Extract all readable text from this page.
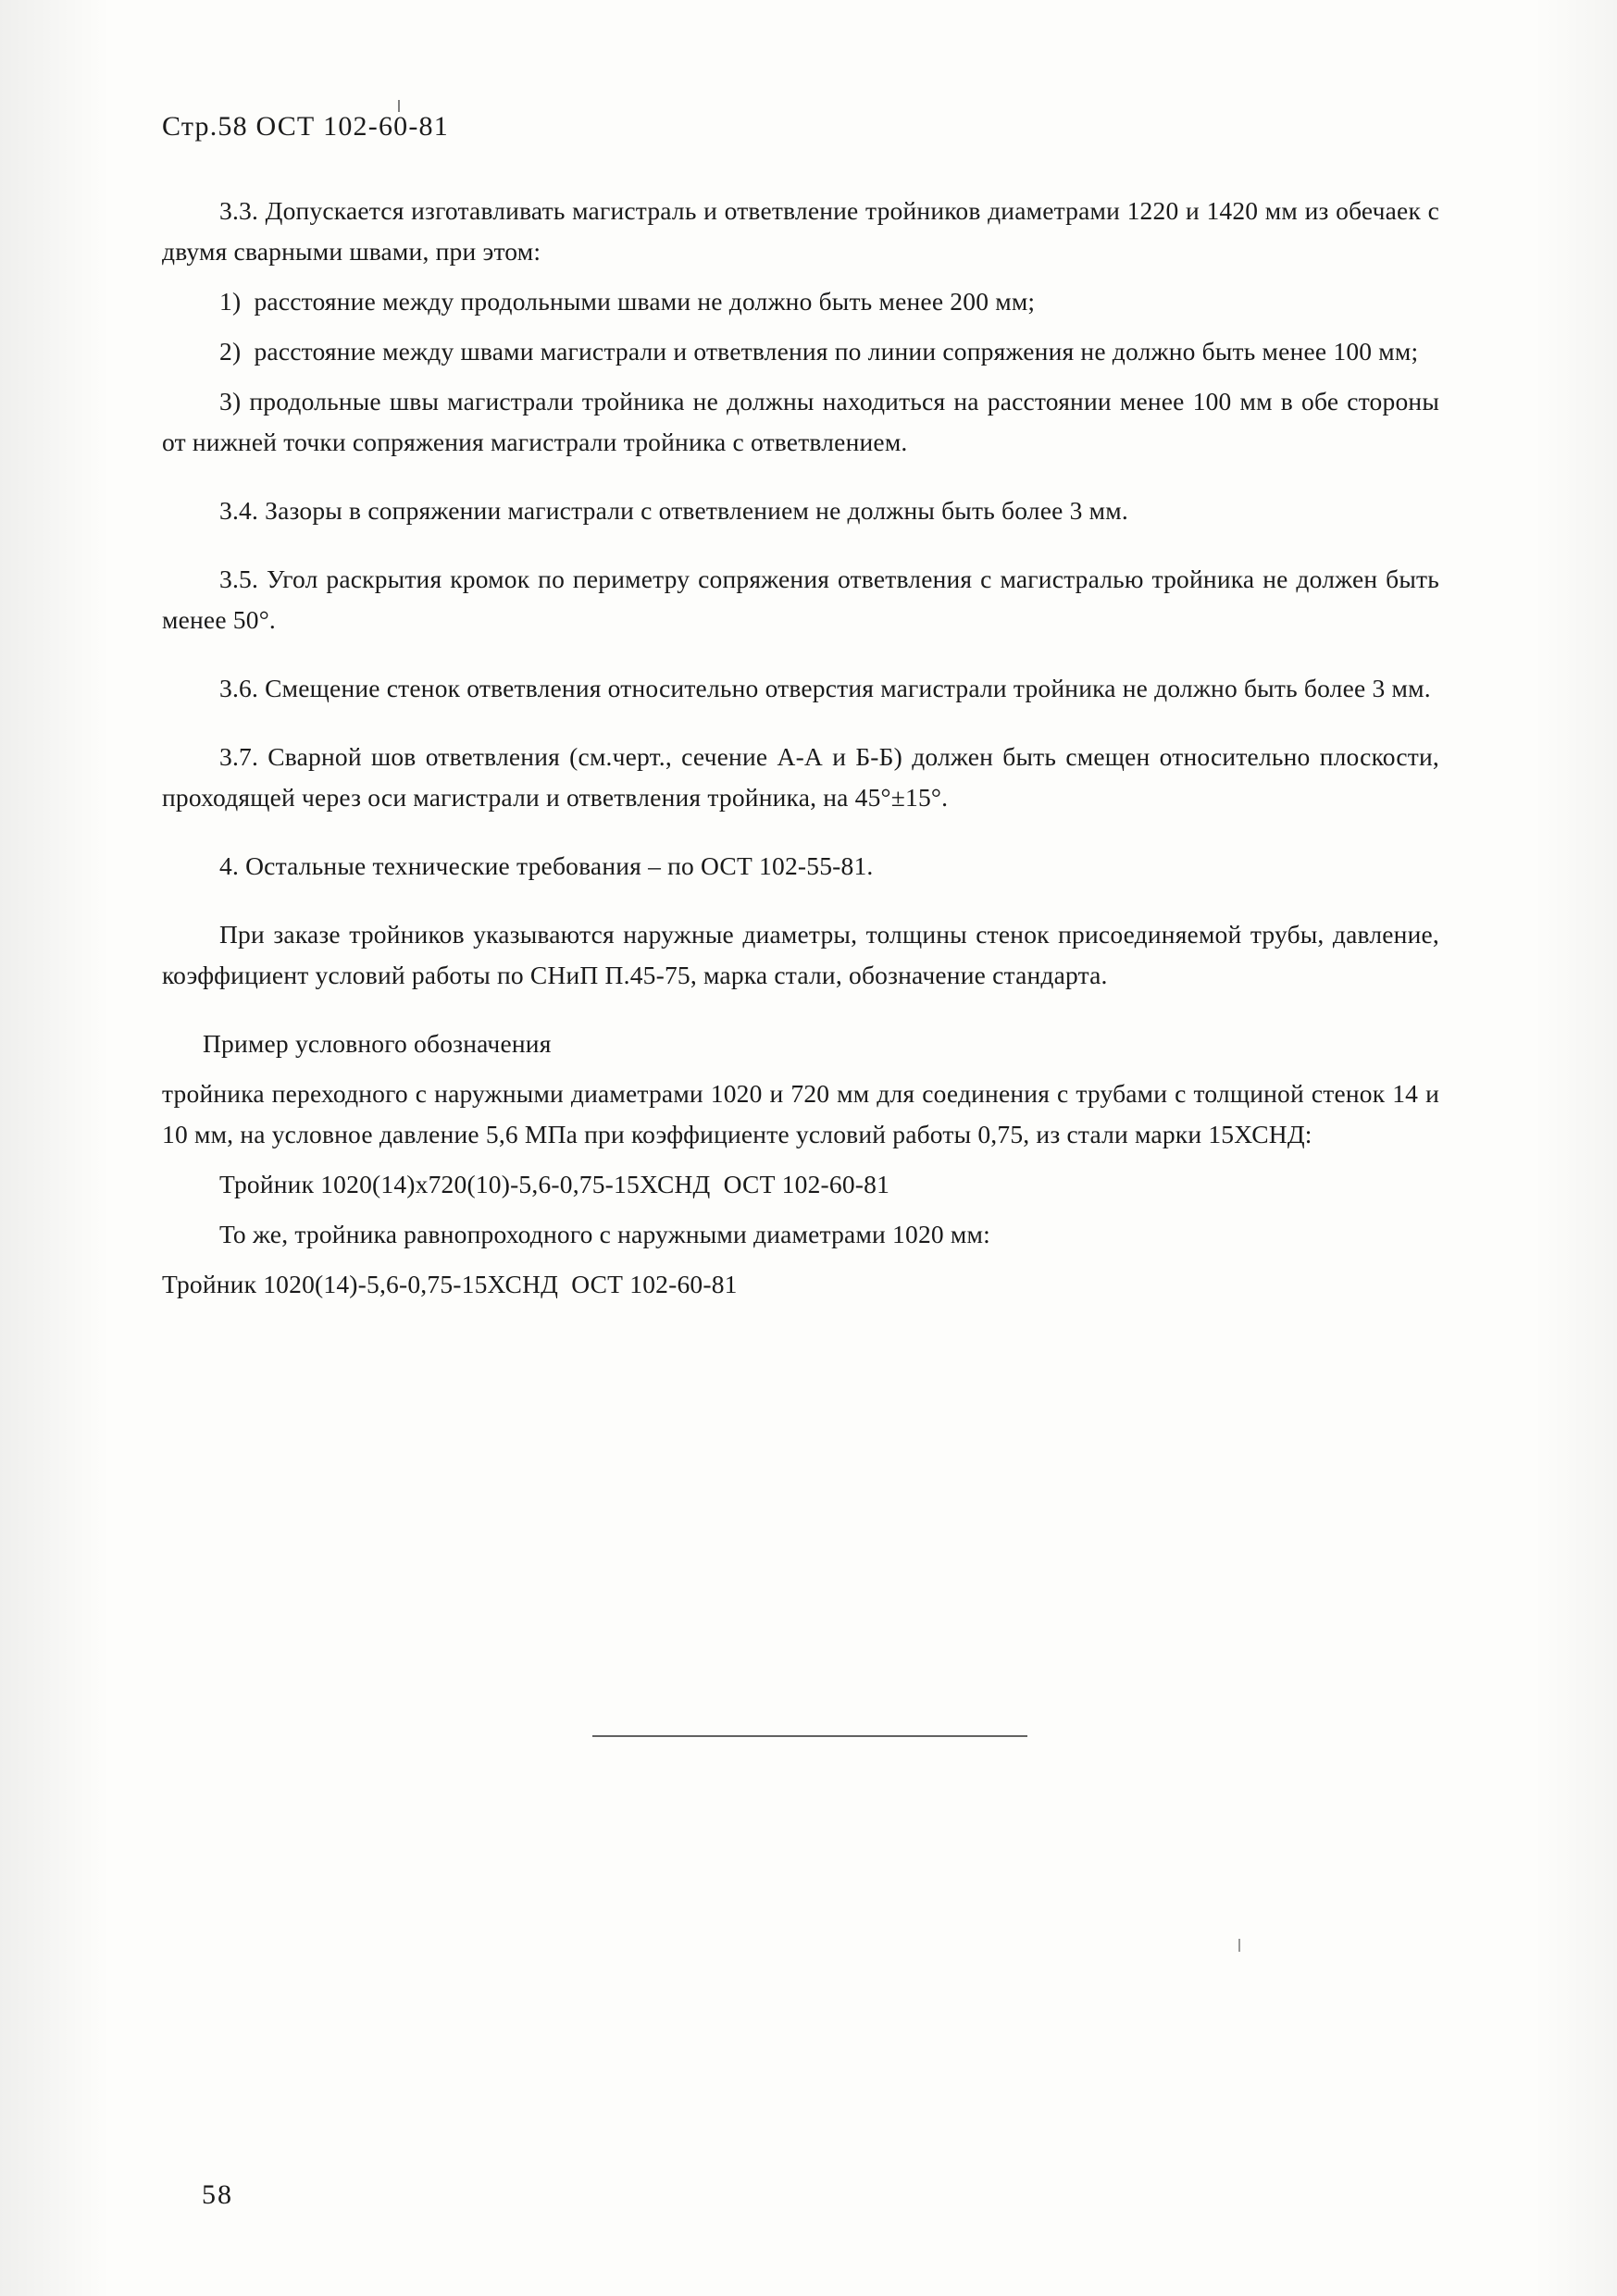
Стр.58 ОСТ 102-60-81

3.3. Допускается изготавливать магистраль и ответвление тройников диаметрами 1220 и 1420 мм из обечаек с двумя сварными швами, при этом:

1)  расстояние между продольными швами не должно быть менее 200 мм;

2)  расстояние между швами магистрали и ответвления по линии сопряжения не должно быть менее 100 мм;

3) продольные швы магистрали тройника не должны находиться на расстоянии менее 100 мм в обе стороны от нижней точки сопряжения магистрали тройника с ответвлением.

3.4. Зазоры в сопряжении магистрали с ответвлением не должны быть более 3 мм.

3.5. Угол раскрытия кромок по периметру сопряжения ответвления с магистралью тройника не должен быть менее 50°.

3.6. Смещение стенок ответвления относительно отверстия магистрали тройника не должно быть более 3 мм.

3.7. Сварной шов ответвления (см.черт., сечение А-А и Б-Б) должен быть смещен относительно плоскости, проходящей через оси магистрали и ответвления тройника, на 45°±15°.

4. Остальные технические требования – по ОСТ 102-55-81.

При заказе тройников указываются наружные диаметры, толщины стенок присоединяемой трубы, давление, коэффициент условий работы по СНиП П.45-75, марка стали, обозначение стандарта.

Пример условного обозначения

тройника переходного с наружными диаметрами 1020 и 720 мм для соединения с трубами с толщиной стенок 14 и 10 мм, на условное давление 5,6 МПа при коэффициенте условий работы 0,75, из стали марки 15ХСНД:

Тройник 1020(14)х720(10)-5,6-0,75-15ХСНД  ОСТ 102-60-81

То же, тройника равнопроходного с наружными диаметрами 1020 мм:

Тройник 1020(14)-5,6-0,75-15ХСНД  ОСТ 102-60-81

58
